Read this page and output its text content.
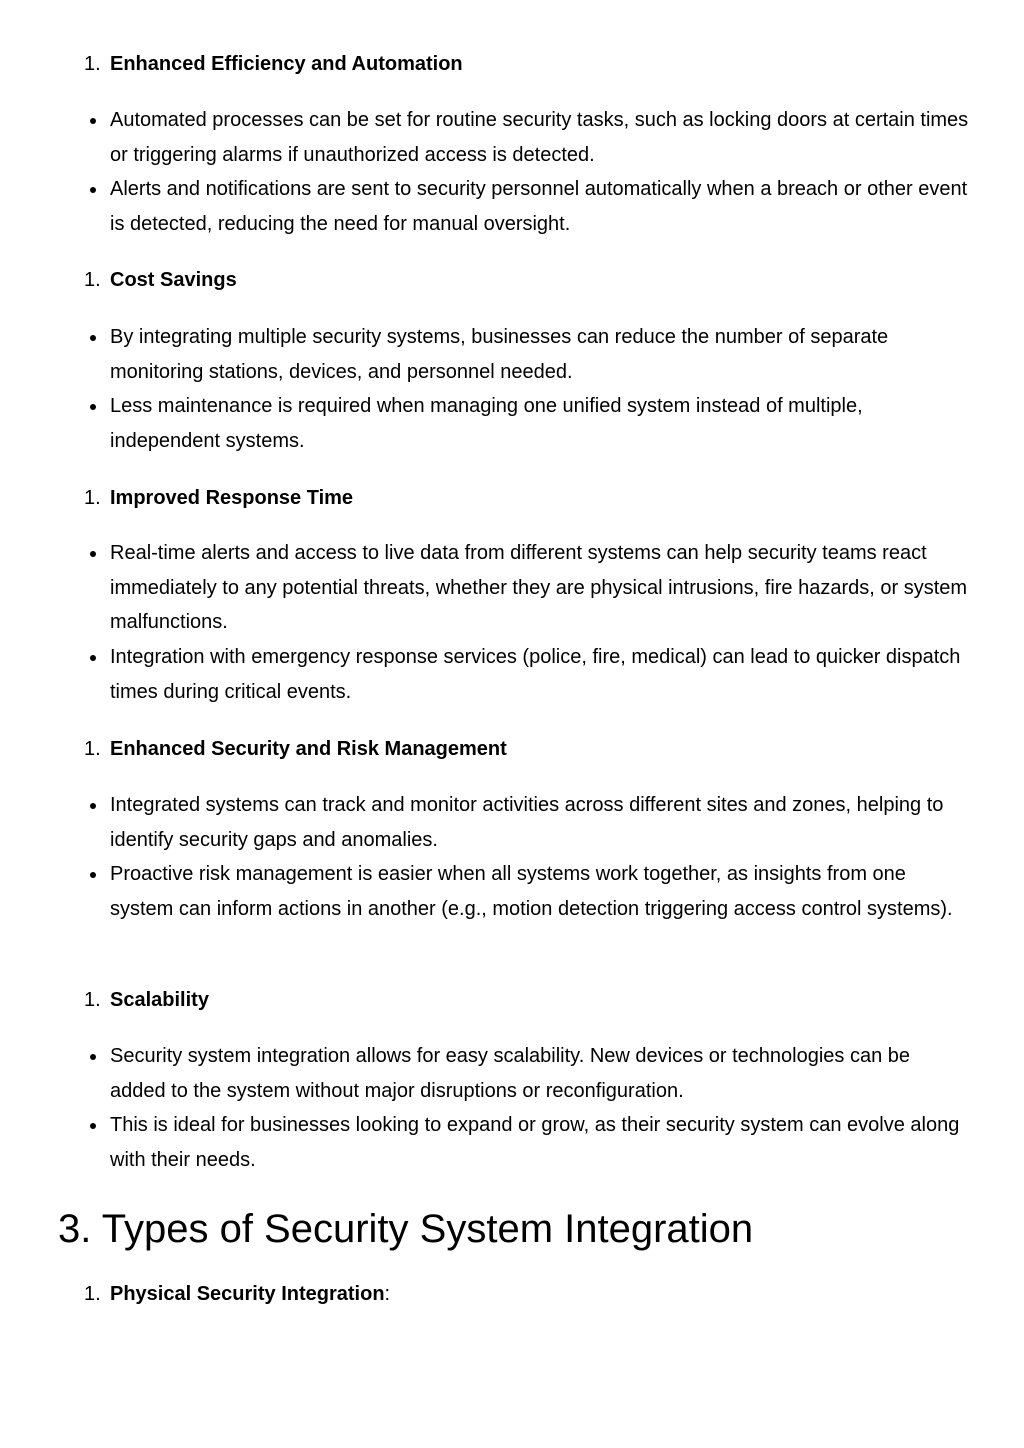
1. Enhanced Efficiency and Automation
Automated processes can be set for routine security tasks, such as locking doors at certain times or triggering alarms if unauthorized access is detected.
Alerts and notifications are sent to security personnel automatically when a breach or other event is detected, reducing the need for manual oversight.
1. Cost Savings
By integrating multiple security systems, businesses can reduce the number of separate monitoring stations, devices, and personnel needed.
Less maintenance is required when managing one unified system instead of multiple, independent systems.
1. Improved Response Time
Real-time alerts and access to live data from different systems can help security teams react immediately to any potential threats, whether they are physical intrusions, fire hazards, or system malfunctions.
Integration with emergency response services (police, fire, medical) can lead to quicker dispatch times during critical events.
1. Enhanced Security and Risk Management
Integrated systems can track and monitor activities across different sites and zones, helping to identify security gaps and anomalies.
Proactive risk management is easier when all systems work together, as insights from one system can inform actions in another (e.g., motion detection triggering access control systems).
1. Scalability
Security system integration allows for easy scalability. New devices or technologies can be added to the system without major disruptions or reconfiguration.
This is ideal for businesses looking to expand or grow, as their security system can evolve along with their needs.
3. Types of Security System Integration
1. Physical Security Integration:
